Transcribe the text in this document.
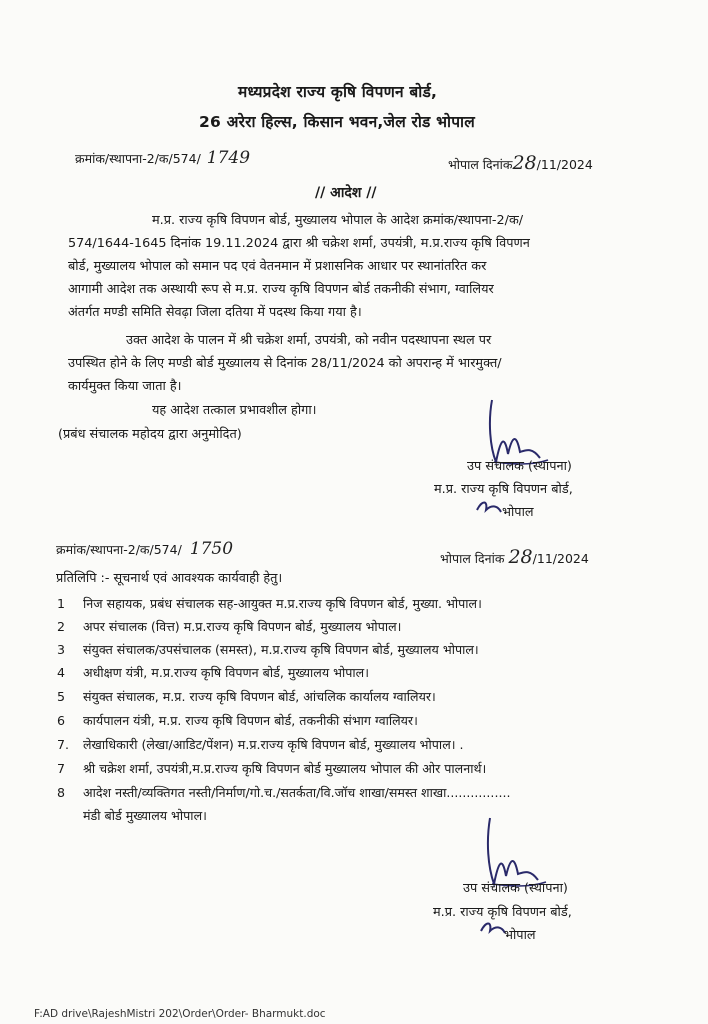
मध्यप्रदेश राज्य कृषि विपणन बोर्ड,
26 अरेरा हिल्स, किसान भवन,जेल रोड भोपाल
क्रमांक/स्थापना-2/क/574/ 1749	भोपाल दिनांक28/11/2024
// आदेश //
म.प्र. राज्य कृषि विपणन बोर्ड, मुख्यालय भोपाल के आदेश क्रमांक/स्थापना-2/क/
574/1644-1645 दिनांक 19.11.2024 द्वारा श्री चक्रेश शर्मा, उपयंत्री, म.प्र.राज्य कृषि विपणन
बोर्ड, मुख्यालय भोपाल को समान पद एवं वेतनमान में प्रशासनिक आधार पर स्थानांतरित कर
आगामी आदेश तक अस्थायी रूप से म.प्र. राज्य कृषि विपणन बोर्ड तकनीकी संभाग, ग्वालियर
अंतर्गत मण्डी समिति सेवढ़ा जिला दतिया में पदस्थ किया गया है।
उक्त आदेश के पालन में श्री चक्रेश शर्मा, उपयंत्री, को नवीन पदस्थापना स्थल पर
उपस्थित होने के लिए मण्डी बोर्ड मुख्यालय से दिनांक 28/11/2024 को अपरान्ह में भारमुक्त/
कार्यमुक्त किया जाता है।
यह आदेश तत्काल प्रभावशील होगा।
(प्रबंध संचालक महोदय द्वारा अनुमोदित)
उप संचालक (स्थापना)
म.प्र. राज्य कृषि विपणन बोर्ड,
भोपाल
क्रमांक/स्थापना-2/क/574/ 1750	भोपाल दिनांक 28/11/2024
प्रतिलिपि :- सूचनार्थ एवं आवश्यक कार्यवाही हेतु।
1 निज सहायक, प्रबंध संचालक सह-आयुक्त म.प्र.राज्य कृषि विपणन बोर्ड, मुख्या. भोपाल।
2 अपर संचालक (वित्त) म.प्र.राज्य कृषि विपणन बोर्ड, मुख्यालय भोपाल।
3 संयुक्त संचालक/उपसंचालक (समस्त), म.प्र.राज्य कृषि विपणन बोर्ड, मुख्यालय भोपाल।
4 अधीक्षण यंत्री, म.प्र.राज्य कृषि विपणन बोर्ड, मुख्यालय भोपाल।
5 संयुक्त संचालक, म.प्र. राज्य कृषि विपणन बोर्ड, आंचलिक कार्यालय ग्वालियर।
6 कार्यपालन यंत्री, म.प्र. राज्य कृषि विपणन बोर्ड, तकनीकी संभाग ग्वालियर।
7. लेखाधिकारी (लेखा/आडिट/पेंशन) म.प्र.राज्य कृषि विपणन बोर्ड, मुख्यालय भोपाल। .
7 श्री चक्रेश शर्मा, उपयंत्री,म.प्र.राज्य कृषि विपणन बोर्ड मुख्यालय भोपाल की ओर पालनार्थ।
8 आदेश नस्ती/व्यक्तिगत नस्ती/निर्माण/गो.च./सतर्कता/वि.जॉच शाखा/समस्त शाखा................
मंडी बोर्ड मुख्यालय भोपाल।
उप संचालक (स्थापना)
म.प्र. राज्य कृषि विपणन बोर्ड,
भोपाल
F:AD drive\RajeshMistri 202\Order\Order- Bharmukt.doc
